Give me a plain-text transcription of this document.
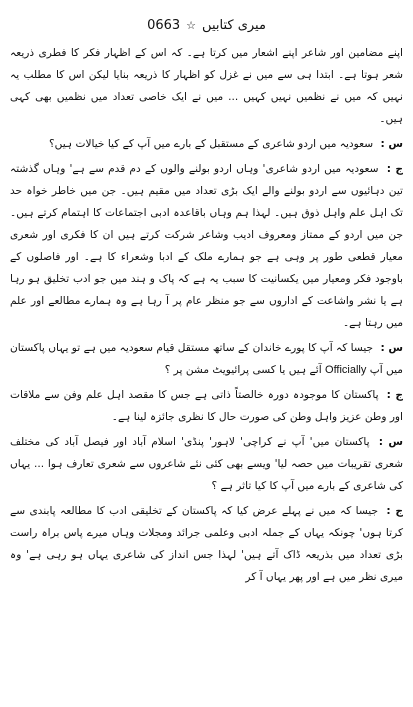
میری کتابیں
☆
0663

اپنے مضامین اور شاعر اپنے اشعار میں کرتا ہے۔ کہ اس کے اظہار فکر کا فطری ذریعہ شعر ہوتا ہے۔ ابتدا ہی سے میں نے غزل کو اظہار کا ذریعہ بنایا لیکن اس کا مطلب یہ نہیں کہ میں نے نظمیں نہیں کہیں ... میں نے ایک خاصی تعداد میں نظمیں بھی کہی ہیں۔

س : سعودیہ میں اردو شاعری کے مستقبل کے بارے میں آپ کے کیا خیالات ہیں؟

ج : سعودیہ میں اردو شاعری' وہاں اردو بولنے والوں کے دم قدم سے ہے' وہاں گذشتہ تین دہائیوں سے اردو بولنے والے ایک بڑی تعداد میں مقیم ہیں۔ جن میں خاطر خواہ حد تک اہل علم واہل ذوق ہیں۔ لہذا ہم وہاں باقاعدہ ادبی اجتماعات کا اہتمام کرتے ہیں۔ جن میں اردو کے ممتاز ومعروف ادیب وشاعر شرکت کرتے ہیں ان کا فکری اور شعری معیار قطعی طور پر وہی ہے جو ہمارے ملک کے ادبا وشعراء کا ہے۔ اور فاصلوں کے باوجود فکر ومعیار میں یکسانیت کا سبب یہ ہے کہ پاک و ہند میں جو ادب تخلیق ہو رہا ہے یا نشر واشاعت کے اداروں سے جو منظر عام پر آ رہا ہے وہ ہمارے مطالعے اور علم میں رہتا ہے۔

س : جیسا کہ آپ کا پورے خاندان کے ساتھ مستقل قیام سعودیہ میں ہے تو یہاں پاکستان میں آپ Officially آئے ہیں یا کسی پرائیویٹ مشن پر ؟

ج : پاکستان کا موجودہ دورہ خالصتاً ذاتی ہے جس کا مقصد اہل علم وفن سے ملاقات اور وطن عزیز واہل وطن کی صورت حال کا نظری جائزہ لینا ہے۔

س : پاکستان میں' آپ نے کراچی' لاہور' پنڈی' اسلام آباد اور فیصل آباد کی مختلف شعری تقریبات میں حصہ لیا' ویسے بھی کئی نئے شاعروں سے شعری تعارف ہوا ... یہاں کی شاعری کے بارے میں آپ کا کیا تاثر ہے ؟

ج : جیسا کہ میں نے پہلے عرض کیا کہ پاکستان کے تخلیقی ادب کا مطالعہ پابندی سے کرتا ہوں' چونکہ یہاں کے جملہ ادبی وعلمی جرائد ومجلات وہاں میرے پاس براہ راست بڑی تعداد میں بذریعہ ڈاک آتے ہیں' لہذا جس انداز کی شاعری یہاں ہو رہی ہے' وہ میری نظر میں ہے اور پھر یہاں آ کر
